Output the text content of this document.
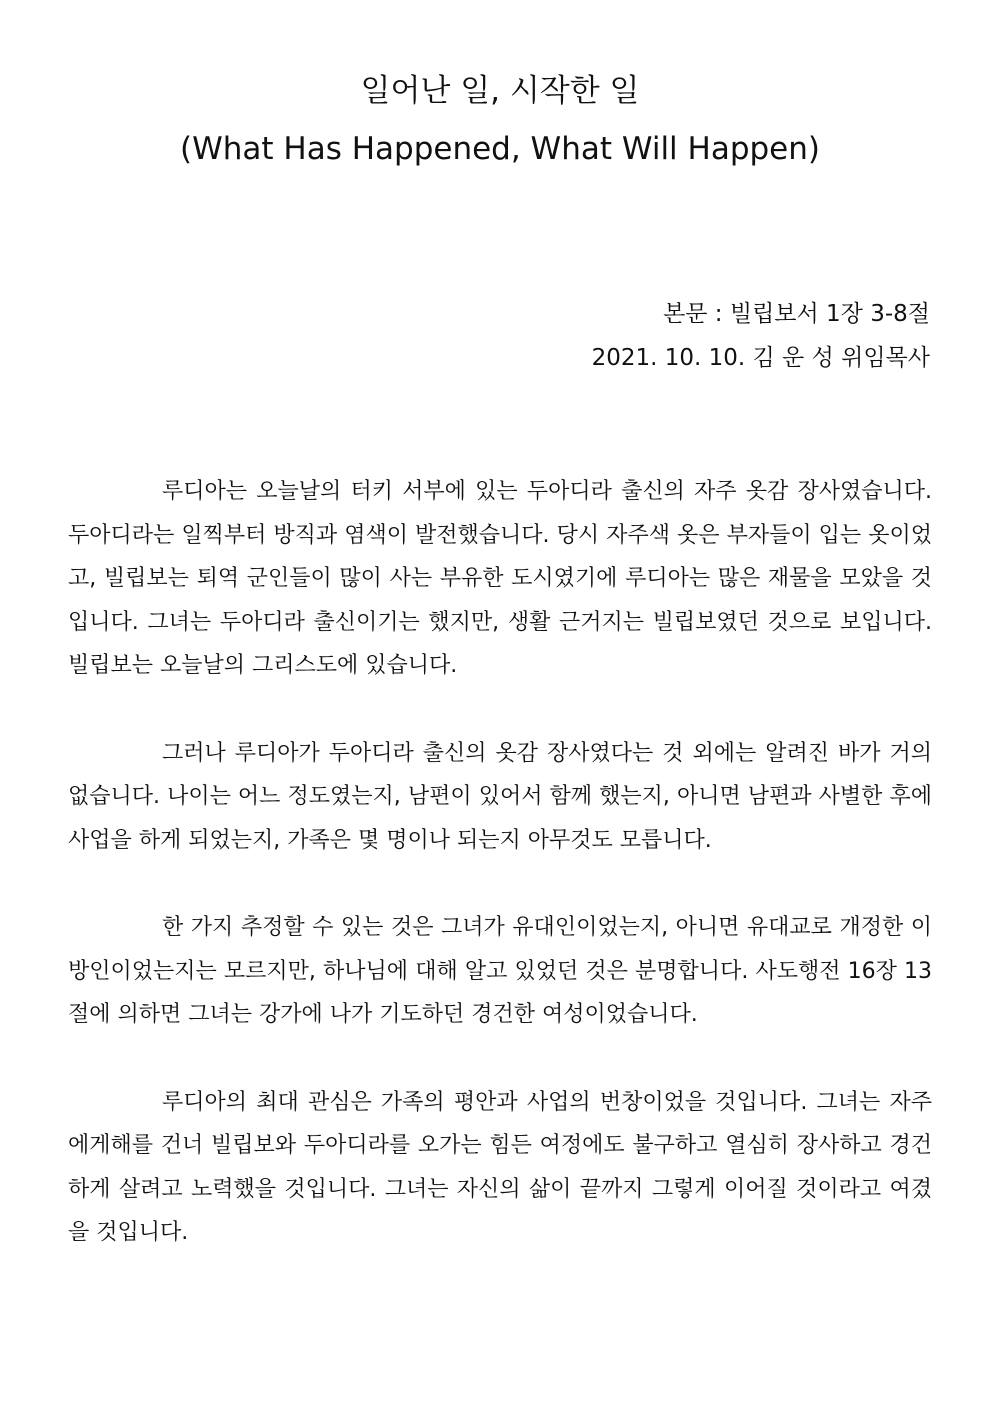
일어난 일, 시작한 일
(What Has Happened, What Will Happen)

본문 : 빌립보서 1장 3-8절

2021. 10. 10. 김 운 성 위임목사

루디아는 오늘날의 터키 서부에 있는 두아디라 출신의 자주 옷감 장사였습니다. 두아디라는 일찍부터 방직과 염색이 발전했습니다. 당시 자주색 옷은 부자들이 입는 옷이었고, 빌립보는 퇴역 군인들이 많이 사는 부유한 도시였기에 루디아는 많은 재물을 모았을 것입니다. 그녀는 두아디라 출신이기는 했지만, 생활 근거지는 빌립보였던 것으로 보입니다. 빌립보는 오늘날의 그리스도에 있습니다.

그러나 루디아가 두아디라 출신의 옷감 장사였다는 것 외에는 알려진 바가 거의 없습니다. 나이는 어느 정도였는지, 남편이 있어서 함께 했는지, 아니면 남편과 사별한 후에 사업을 하게 되었는지, 가족은 몇 명이나 되는지 아무것도 모릅니다.

한 가지 추정할 수 있는 것은 그녀가 유대인이었는지, 아니면 유대교로 개정한 이방인이었는지는 모르지만, 하나님에 대해 알고 있었던 것은 분명합니다. 사도행전 16장 13절에 의하면 그녀는 강가에 나가 기도하던 경건한 여성이었습니다.

루디아의 최대 관심은 가족의 평안과 사업의 번창이었을 것입니다. 그녀는 자주 에게해를 건너 빌립보와 두아디라를 오가는 힘든 여정에도 불구하고 열심히 장사하고 경건하게 살려고 노력했을 것입니다. 그녀는 자신의 삶이 끝까지 그렇게 이어질 것이라고 여겼을 것입니다.
